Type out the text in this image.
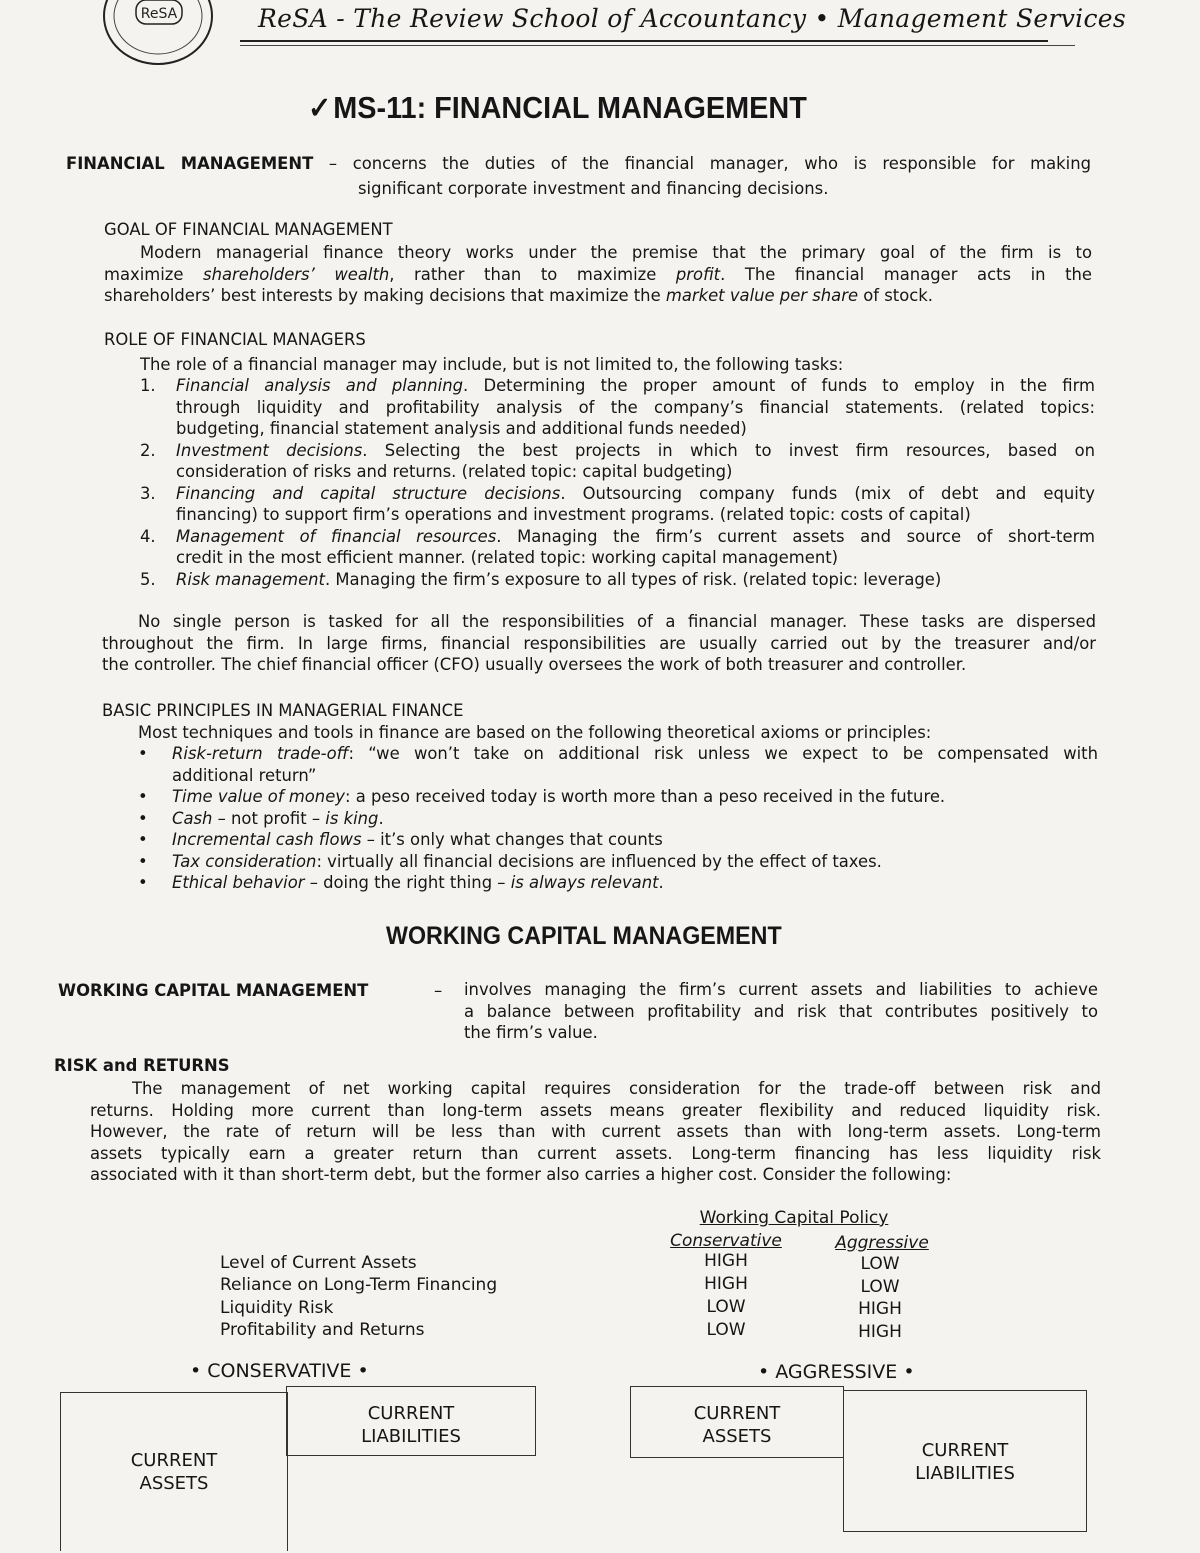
ReSA	ReSA - The Review School of Accountancy • Management Services
✓MS-11: FINANCIAL MANAGEMENT
FINANCIAL MANAGEMENT – concerns the duties of the financial manager, who is responsible for making
significant corporate investment and financing decisions.
GOAL OF FINANCIAL MANAGEMENT
Modern managerial finance theory works under the premise that the primary goal of the firm is to
maximize shareholders’ wealth, rather than to maximize profit. The financial manager acts in the
shareholders’ best interests by making decisions that maximize the market value per share of stock.
ROLE OF FINANCIAL MANAGERS
The role of a financial manager may include, but is not limited to, the following tasks:
1. Financial analysis and planning. Determining the proper amount of funds to employ in the firm
through liquidity and profitability analysis of the company’s financial statements. (related topics:
budgeting, financial statement analysis and additional funds needed)
2. Investment decisions. Selecting the best projects in which to invest firm resources, based on
consideration of risks and returns. (related topic: capital budgeting)
3. Financing and capital structure decisions. Outsourcing company funds (mix of debt and equity
financing) to support firm’s operations and investment programs. (related topic: costs of capital)
4. Management of financial resources. Managing the firm’s current assets and source of short-term
credit in the most efficient manner. (related topic: working capital management)
5. Risk management. Managing the firm’s exposure to all types of risk. (related topic: leverage)
No single person is tasked for all the responsibilities of a financial manager. These tasks are dispersed
throughout the firm. In large firms, financial responsibilities are usually carried out by the treasurer and/or
the controller. The chief financial officer (CFO) usually oversees the work of both treasurer and controller.
BASIC PRINCIPLES IN MANAGERIAL FINANCE
Most techniques and tools in finance are based on the following theoretical axioms or principles:
• Risk-return trade-off: “we won’t take on additional risk unless we expect to be compensated with
additional return”
• Time value of money: a peso received today is worth more than a peso received in the future.
• Cash – not profit – is king.
• Incremental cash flows – it’s only what changes that counts
• Tax consideration: virtually all financial decisions are influenced by the effect of taxes.
• Ethical behavior – doing the right thing – is always relevant.
WORKING CAPITAL MANAGEMENT
WORKING CAPITAL MANAGEMENT	– involves managing the firm’s current assets and liabilities to achieve
a balance between profitability and risk that contributes positively to
the firm’s value.
RISK and RETURNS
The management of net working capital requires consideration for the trade-off between risk and
returns. Holding more current than long-term assets means greater flexibility and reduced liquidity risk.
However, the rate of return will be less than with current assets than with long-term assets. Long-term
assets typically earn a greater return than current assets. Long-term financing has less liquidity risk
associated with it than short-term debt, but the former also carries a higher cost. Consider the following:
Working Capital Policy
Conservative	Aggressive
Level of Current Assets	HIGH	LOW
Reliance on Long-Term Financing	HIGH	LOW
Liquidity Risk	LOW	HIGH
Profitability and Returns	LOW	HIGH
• CONSERVATIVE •	• AGGRESSIVE •
CURRENT
ASSETS
CURRENT
LIABILITIES
CURRENT
ASSETS
CURRENT
LIABILITIES
